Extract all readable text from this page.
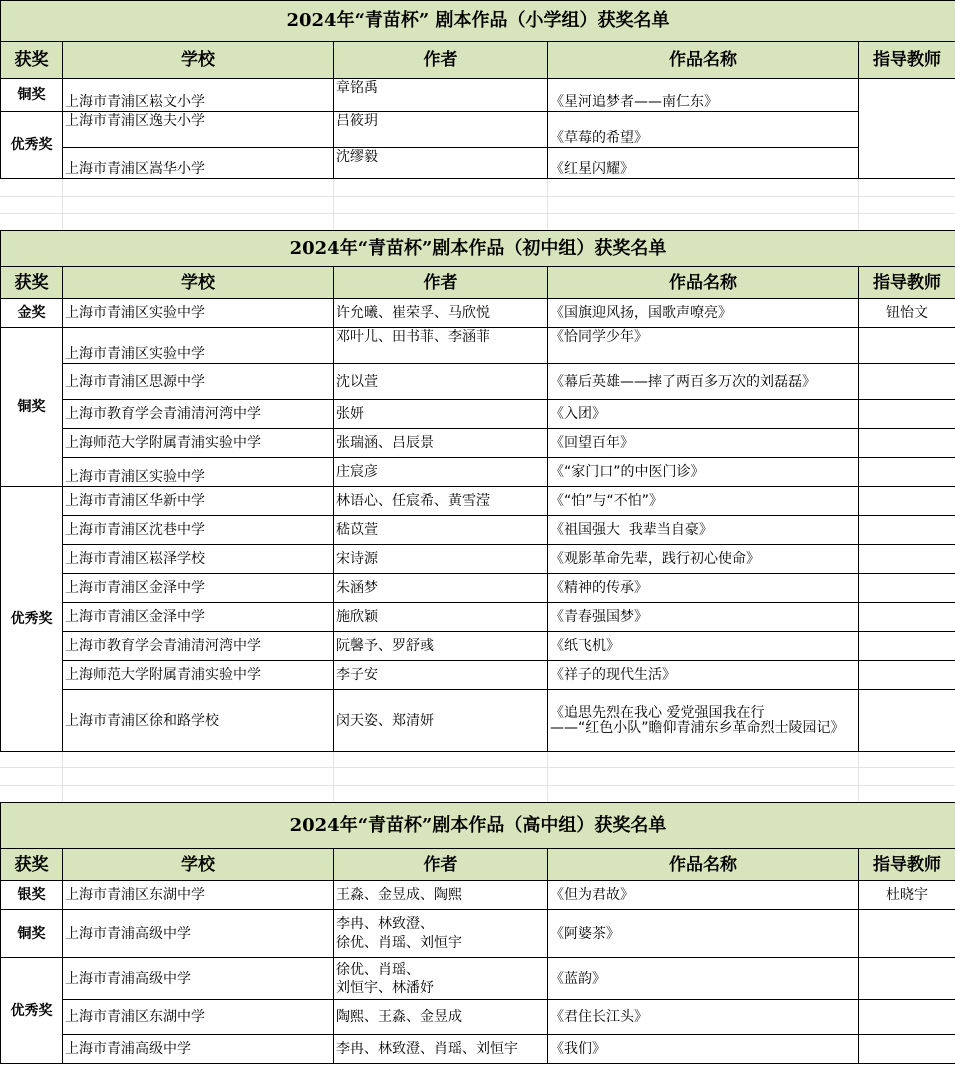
2024年“青苗杯” 剧本作品（小学组）获奖名单				
获奖	学校	作者	作品名称	指导教师
铜奖	上海市青浦区崧文小学	章铭禹	《星河追梦者——南仁东》	
优秀奖	上海市青浦区逸夫小学	吕筱玥	《草莓的希望》	
	上海市青浦区嵩华小学	沈缪毅	《红星闪耀》	
2024年“青苗杯”剧本作品（初中组）获奖名单				
获奖	学校	作者	作品名称	指导教师
金奖	上海市青浦区实验中学	许允曦、崔荣孚、马欣悦	《国旗迎风扬，国歌声嘹亮》	钮怡文
铜奖	上海市青浦区实验中学	邓叶儿、田书菲、李涵菲	《恰同学少年》	
	上海市青浦区思源中学	沈以萱	《幕后英雄——摔了两百多万次的刘磊磊》	
	上海市教育学会青浦清河湾中学	张妍	《入团》	
	上海师范大学附属青浦实验中学	张瑞涵、吕辰景	《回望百年》	
	上海市青浦区实验中学	庄宸彦	《“家门口”的中医门诊》	
优秀奖	上海市青浦区华新中学	林语心、任宸希、黄雪滢	《“怕”与“不怕”》	
	上海市青浦区沈巷中学	嵇苡萱	《祖国强大  我辈当自豪》	
	上海市青浦区崧泽学校	宋诗源	《观影革命先辈，践行初心使命》	
	上海市青浦区金泽中学	朱涵梦	《精神的传承》	
	上海市青浦区金泽中学	施欣颖	《青春强国梦》	
	上海市教育学会青浦清河湾中学	阮馨予、罗舒彧	《纸飞机》	
	上海师范大学附属青浦实验中学	李子安	《祥子的现代生活》	
	上海市青浦区徐和路学校	闵天姿、郑清妍	《追思先烈在我心 爱党强国我在行
——“红色小队”瞻仰青浦东乡革命烈士陵园记》	
2024年“青苗杯”剧本作品（高中组）获奖名单				
获奖	学校	作者	作品名称	指导教师
银奖	上海市青浦区东湖中学	王淼、金昱成、陶熙	《但为君故》	杜晓宇
铜奖	上海市青浦高级中学	李冉、林致澄、
徐优、肖瑶、刘恒宇	《阿婆茶》	
优秀奖	上海市青浦高级中学	徐优、肖瑶、
刘恒宇、林潘妤	《蓝韵》	
	上海市青浦区东湖中学	陶熙、王淼、金昱成	《君住长江头》	
	上海市青浦高级中学	李冉、林致澄、肖瑶、刘恒宇	《我们》	
